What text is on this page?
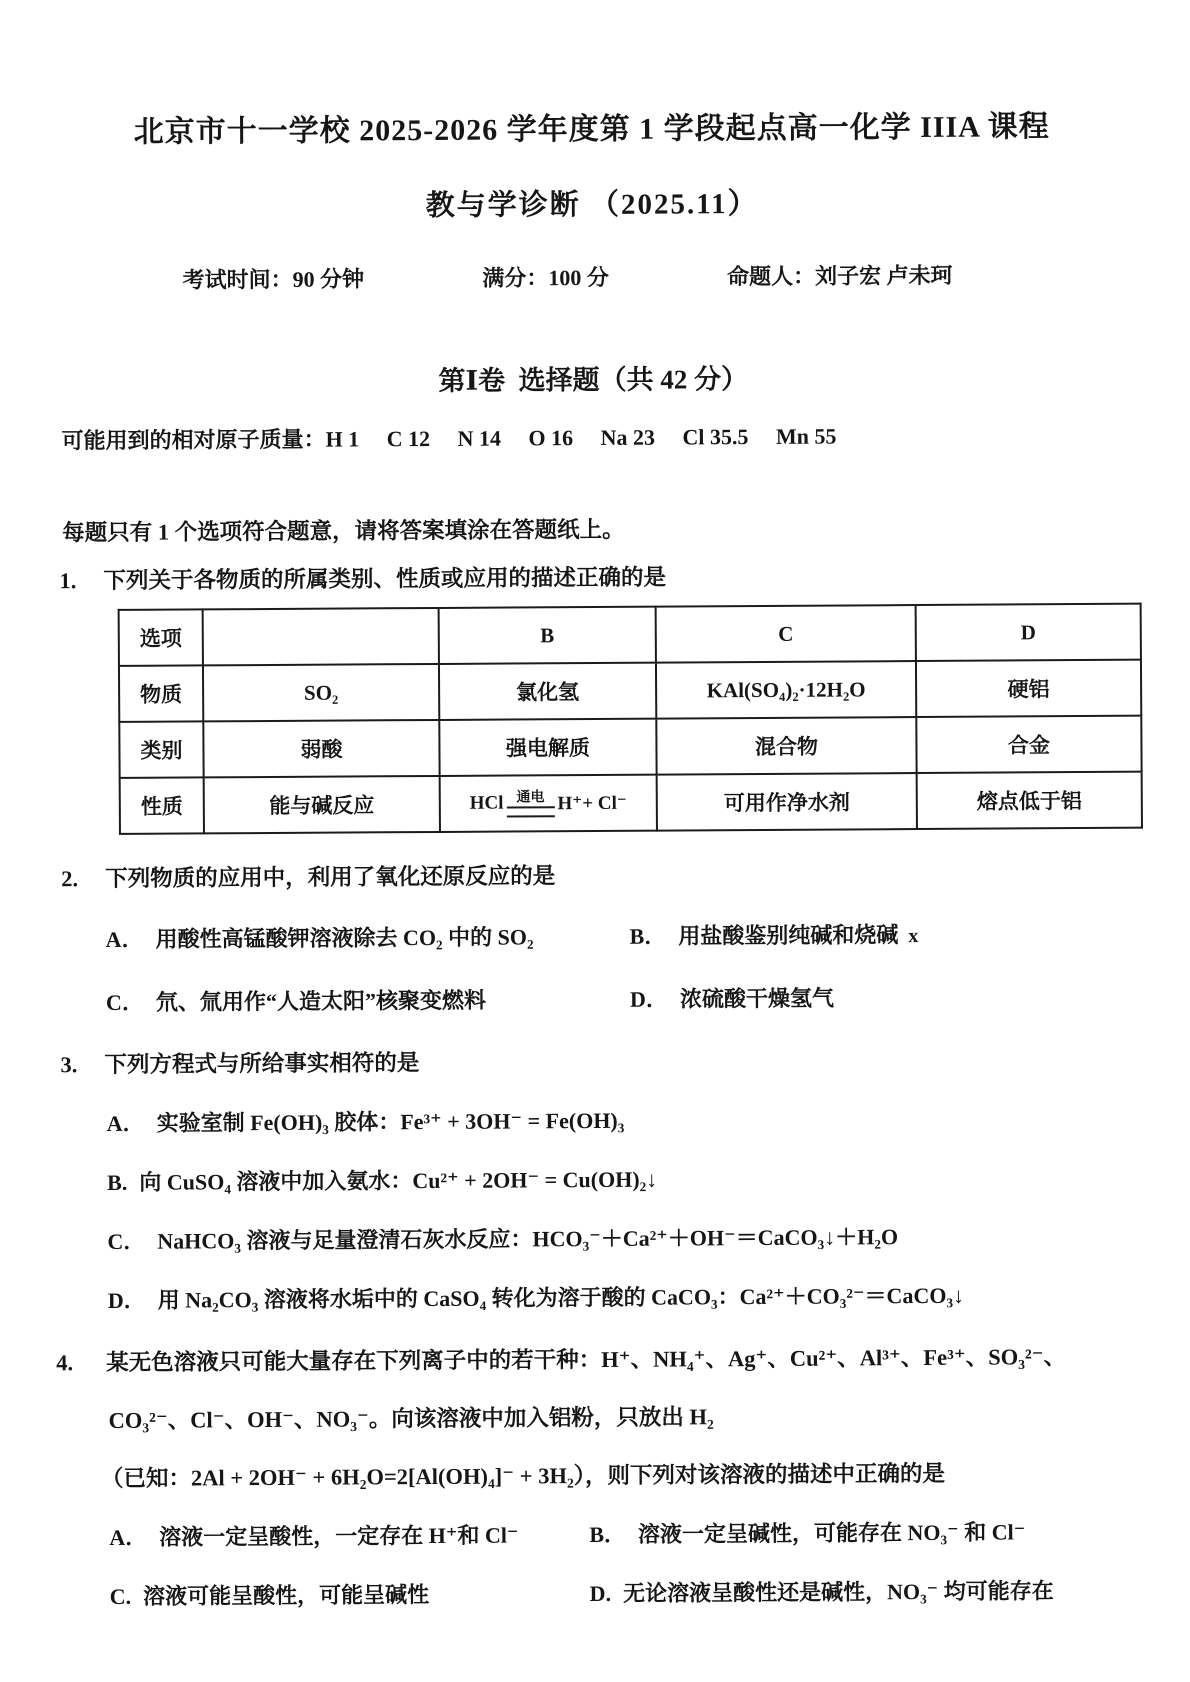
北京市十一学校 2025-2026 学年度第 1 学段起点高一化学 IIIA 课程
教与学诊断 （2025.11）
考试时间：90 分钟	满分：100 分	命题人：刘子宏 卢未珂
第Ⅰ卷  选择题（共 42 分）
可能用到的相对原子质量：H 1　 C 12　 N 14　 O 16　 Na 23　 Cl 35.5　 Mn 55
每题只有 1 个选项符合题意，请将答案填涂在答题纸上。
1.	下列关于各物质的所属类别、性质或应用的描述正确的是
选项		B	C	D
物质	SO₂	氯化氢	KAl(SO₄)₂·12H₂O	硬铝
类别	弱酸	强电解质	混合物	合金
性质	能与碱反应	HCl 通电 H⁺+ Cl⁻	可用作净水剂	熔点低于铝
2.	下列物质的应用中，利用了氧化还原反应的是
A． 用酸性高锰酸钾溶液除去 CO₂ 中的 SO₂	B． 用盐酸鉴别纯碱和烧碱 x
C． 氘、氚用作“人造太阳”核聚变燃料	D． 浓硫酸干燥氢气
3.	下列方程式与所给事实相符的是
A． 实验室制 Fe(OH)₃ 胶体：Fe³⁺ + 3OH⁻ = Fe(OH)₃
B. 向 CuSO₄ 溶液中加入氨水：Cu²⁺ + 2OH⁻ = Cu(OH)₂↓
C． NaHCO₃ 溶液与足量澄清石灰水反应：HCO₃⁻＋Ca²⁺＋OH⁻＝CaCO₃↓＋H₂O
D． 用 Na₂CO₃ 溶液将水垢中的 CaSO₄ 转化为溶于酸的 CaCO₃：Ca²⁺＋CO₃²⁻＝CaCO₃↓
4.	某无色溶液只可能大量存在下列离子中的若干种：H⁺、NH₄⁺、Ag⁺、Cu²⁺、Al³⁺、Fe³⁺、SO₃²⁻、
CO₃²⁻、Cl⁻、OH⁻、NO₃⁻。向该溶液中加入铝粉，只放出 H₂
（已知：2Al + 2OH⁻ + 6H₂O=2[Al(OH)₄]⁻ + 3H₂），则下列对该溶液的描述中正确的是
A． 溶液一定呈酸性，一定存在 H⁺和 Cl⁻	B． 溶液一定呈碱性，可能存在 NO₃⁻ 和 Cl⁻
C. 溶液可能呈酸性，可能呈碱性	D. 无论溶液呈酸性还是碱性，NO₃⁻ 均可能存在
